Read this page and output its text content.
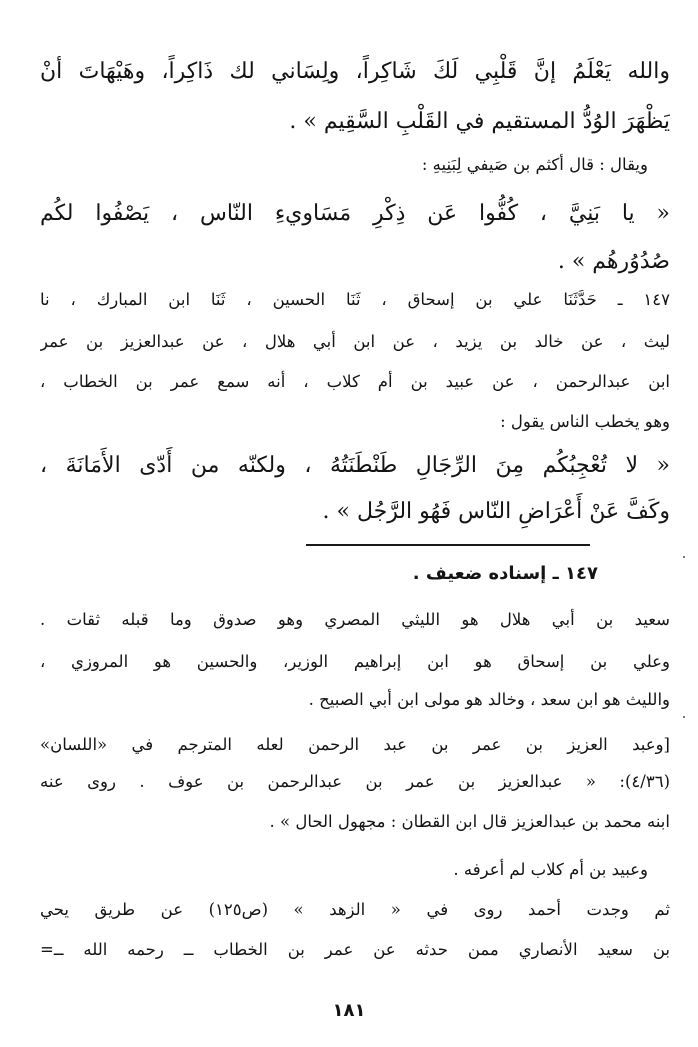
والله يَعْلَمُ إنَّ قَلْبِي لَكَ شَاكِراً، ولِسَاني لك ذَاكِراً، وهَيْهَاتَ أنْ
يَظْهَرَ الوُدُّ المستقيم في القَلْبِ السَّقِيم » .
ويقال : قال أكثم بن صَيفي لِبَنِيهِ :
« يا بَنِيَّ ، كُفُّوا عَن ذِكْرِ مَسَاويءِ النّاس ، يَصْفُوا لكُم
صُدُوُرهُم » .
١٤٧ ـ حَدَّثَنَا علي بن إسحاق ، ثَنَا الحسين ، ثَنَا ابن المبارك ، نا
ليث ، عن خالد بن يزيد ، عن ابن أبي هلال ، عن عبدالعزيز بن عمر
ابن عبدالرحمن ، عن عبيد بن أم كلاب ، أنه سمع عمر بن الخطاب ،
وهو يخطب الناس يقول :
« لا تُعْجِبُكُم مِنَ الرِّجَالِ طَنْطَنَتُهُ ، ولكنّه من أَدّى الأَمَانَةَ ،
وكَفَّ عَنْ أَعْرَاضِ النّاس فَهُو الرَّجُل » .
١٤٧ ـ إسناده ضعيف .
سعيد بن أبي هلال هو الليثي المصري وهو صدوق وما قبله ثقات .
وعلي بن إسحاق هو ابن إبراهيم الوزير، والحسين هو المروزي ،
والليث هو ابن سعد ، وخالد هو مولى ابن أبي الصبيح .
[وعبد العزيز بن عمر بن عبد الرحمن لعله المترجم في «اللسان»
(٤/٣٦): « عبدالعزيز بن عمر بن عبدالرحمن بن عوف . روى عنه
ابنه محمد بن عبدالعزيز قال ابن القطان : مجهول الحال » .
وعبيد بن أم كلاب لم أعرفه .
ثم وجدت أحمد روى في « الزهد » (ص١٢٥) عن طريق يحي
بن سعيد الأنصاري ممن حدثه عن عمر بن الخطاب ــ رحمه الله ــ=
١٨١
